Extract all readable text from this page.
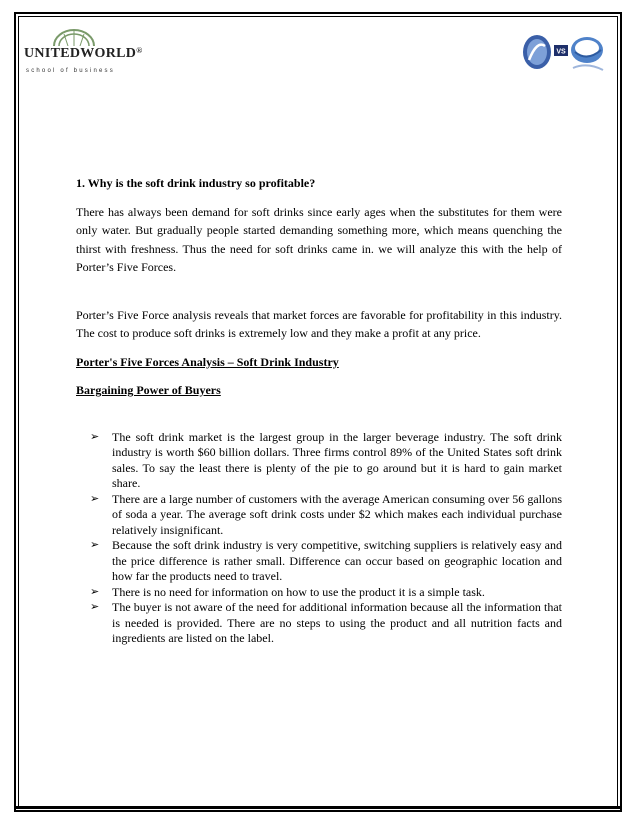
UNITEDWORLD®
school of business
VS

1. Why is the soft drink industry so profitable?

There has always been demand for soft drinks since early ages when the substitutes for them were only water. But gradually people started demanding something more, which means quenching the thirst with freshness. Thus the need for soft drinks came in. we will analyze this with the help of Porter’s Five Forces.

Porter’s Five Force analysis reveals that market forces are favorable for profitability in this industry. The cost to produce soft drinks is extremely low and they make a profit at any price.

Porter's Five Forces Analysis – Soft Drink Industry

Bargaining Power of Buyers

➢ The soft drink market is the largest group in the larger beverage industry. The soft drink industry is worth $60 billion dollars. Three firms control 89% of the United States soft drink sales. To say the least there is plenty of the pie to go around but it is hard to gain market share.
➢ There are a large number of customers with the average American consuming over 56 gallons of soda a year. The average soft drink costs under $2 which makes each individual purchase relatively insignificant.
➢ Because the soft drink industry is very competitive, switching suppliers is relatively easy and the price difference is rather small. Difference can occur based on geographic location and how far the products need to travel.
➢ There is no need for information on how to use the product it is a simple task.
➢ The buyer is not aware of the need for additional information because all the information that is needed is provided. There are no steps to using the product and all nutrition facts and ingredients are listed on the label.
